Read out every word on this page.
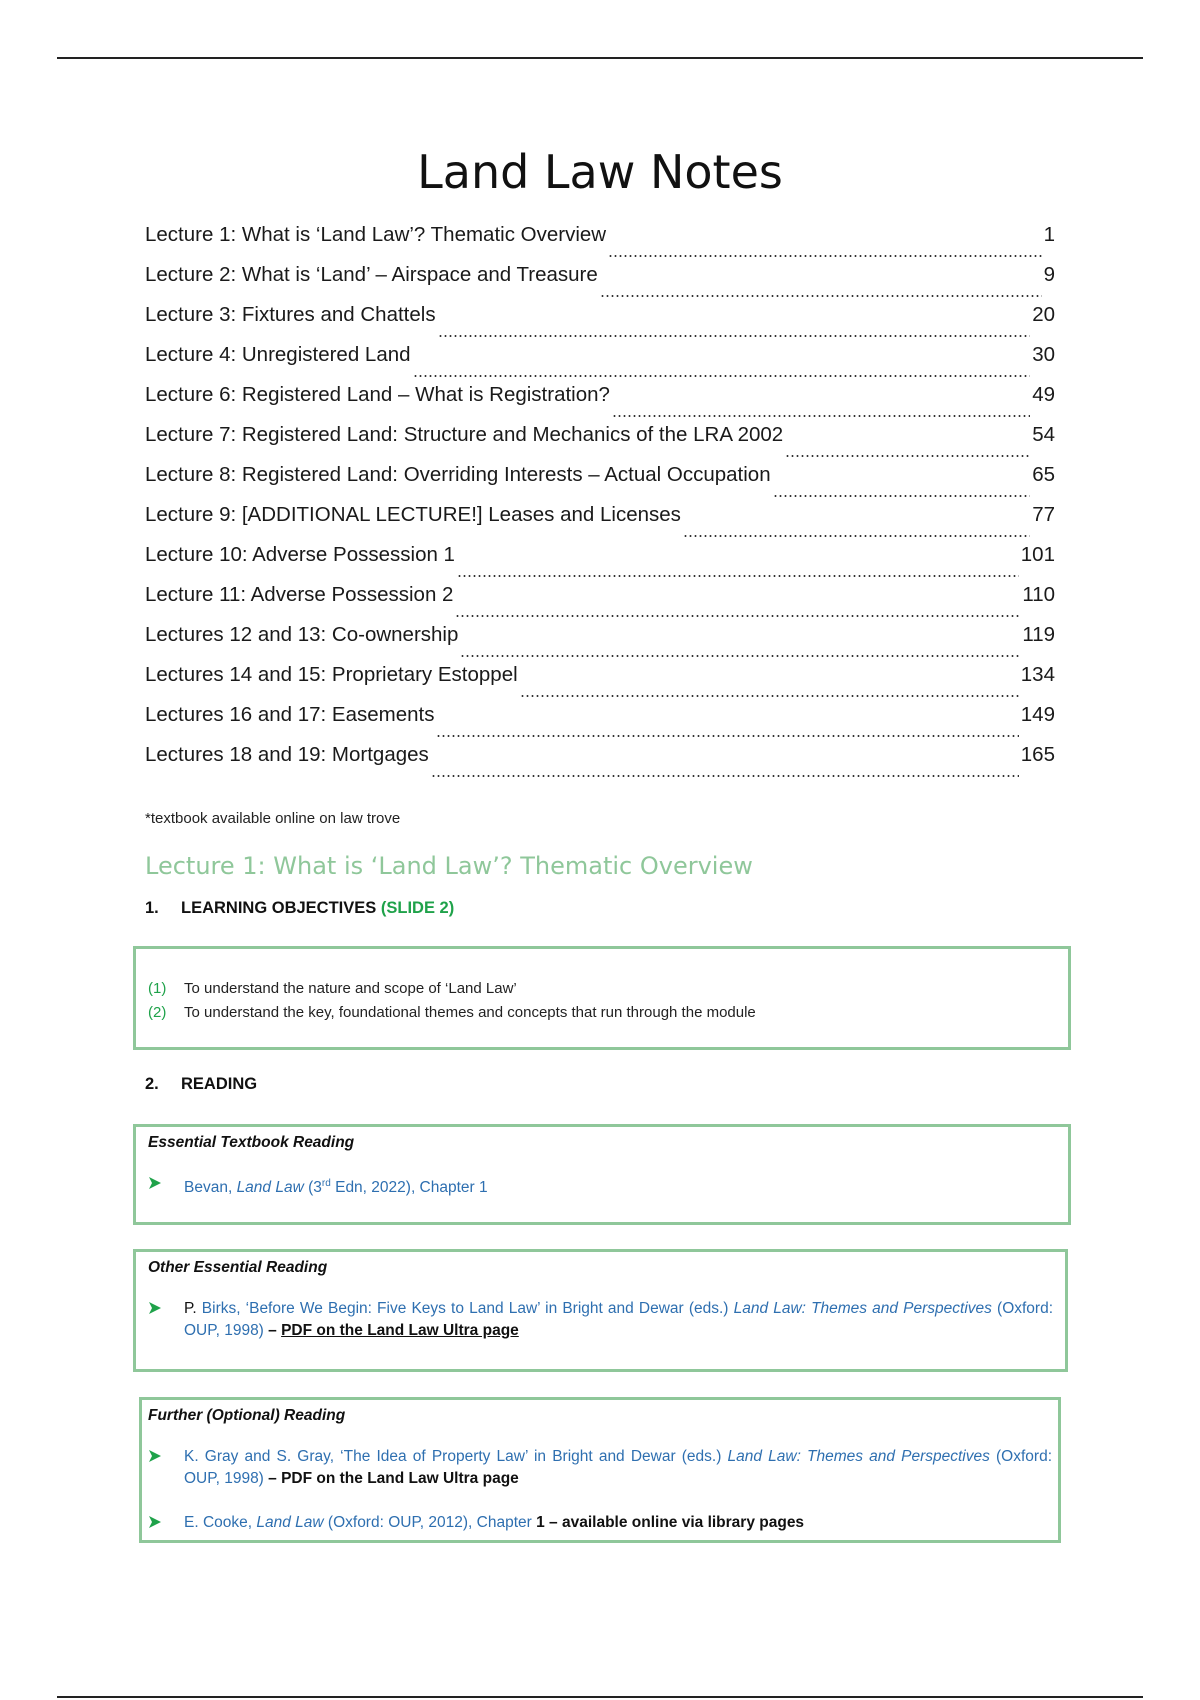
Land Law Notes
Lecture 1: What is ‘Land Law’? Thematic Overview	1
Lecture 2: What is ‘Land’ – Airspace and Treasure	9
Lecture 3: Fixtures and Chattels	20
Lecture 4: Unregistered Land	30
Lecture 6: Registered Land – What is Registration?	49
Lecture 7: Registered Land: Structure and Mechanics of the LRA 2002	54
Lecture 8: Registered Land: Overriding Interests – Actual Occupation	65
Lecture 9: [ADDITIONAL LECTURE!] Leases and Licenses	77
Lecture 10: Adverse Possession 1	101
Lecture 11: Adverse Possession 2	110
Lectures 12 and 13: Co-ownership	119
Lectures 14 and 15: Proprietary Estoppel	134
Lectures 16 and 17: Easements	149
Lectures 18 and 19: Mortgages	165
*textbook available online on law trove
Lecture 1: What is ‘Land Law’? Thematic Overview
1. LEARNING OBJECTIVES (SLIDE 2)
(1)	To understand the nature and scope of ‘Land Law’
(2)	To understand the key, foundational themes and concepts that run through the module
2. READING
Essential Textbook Reading
Bevan, Land Law (3rd Edn, 2022), Chapter 1
Other Essential Reading
P. Birks, ‘Before We Begin: Five Keys to Land Law’ in Bright and Dewar (eds.) Land Law: Themes and Perspectives (Oxford: OUP, 1998) – PDF on the Land Law Ultra page
Further (Optional) Reading
K. Gray and S. Gray, ‘The Idea of Property Law’ in Bright and Dewar (eds.) Land Law: Themes and Perspectives (Oxford: OUP, 1998) – PDF on the Land Law Ultra page
E. Cooke, Land Law (Oxford: OUP, 2012), Chapter 1 – available online via library pages
